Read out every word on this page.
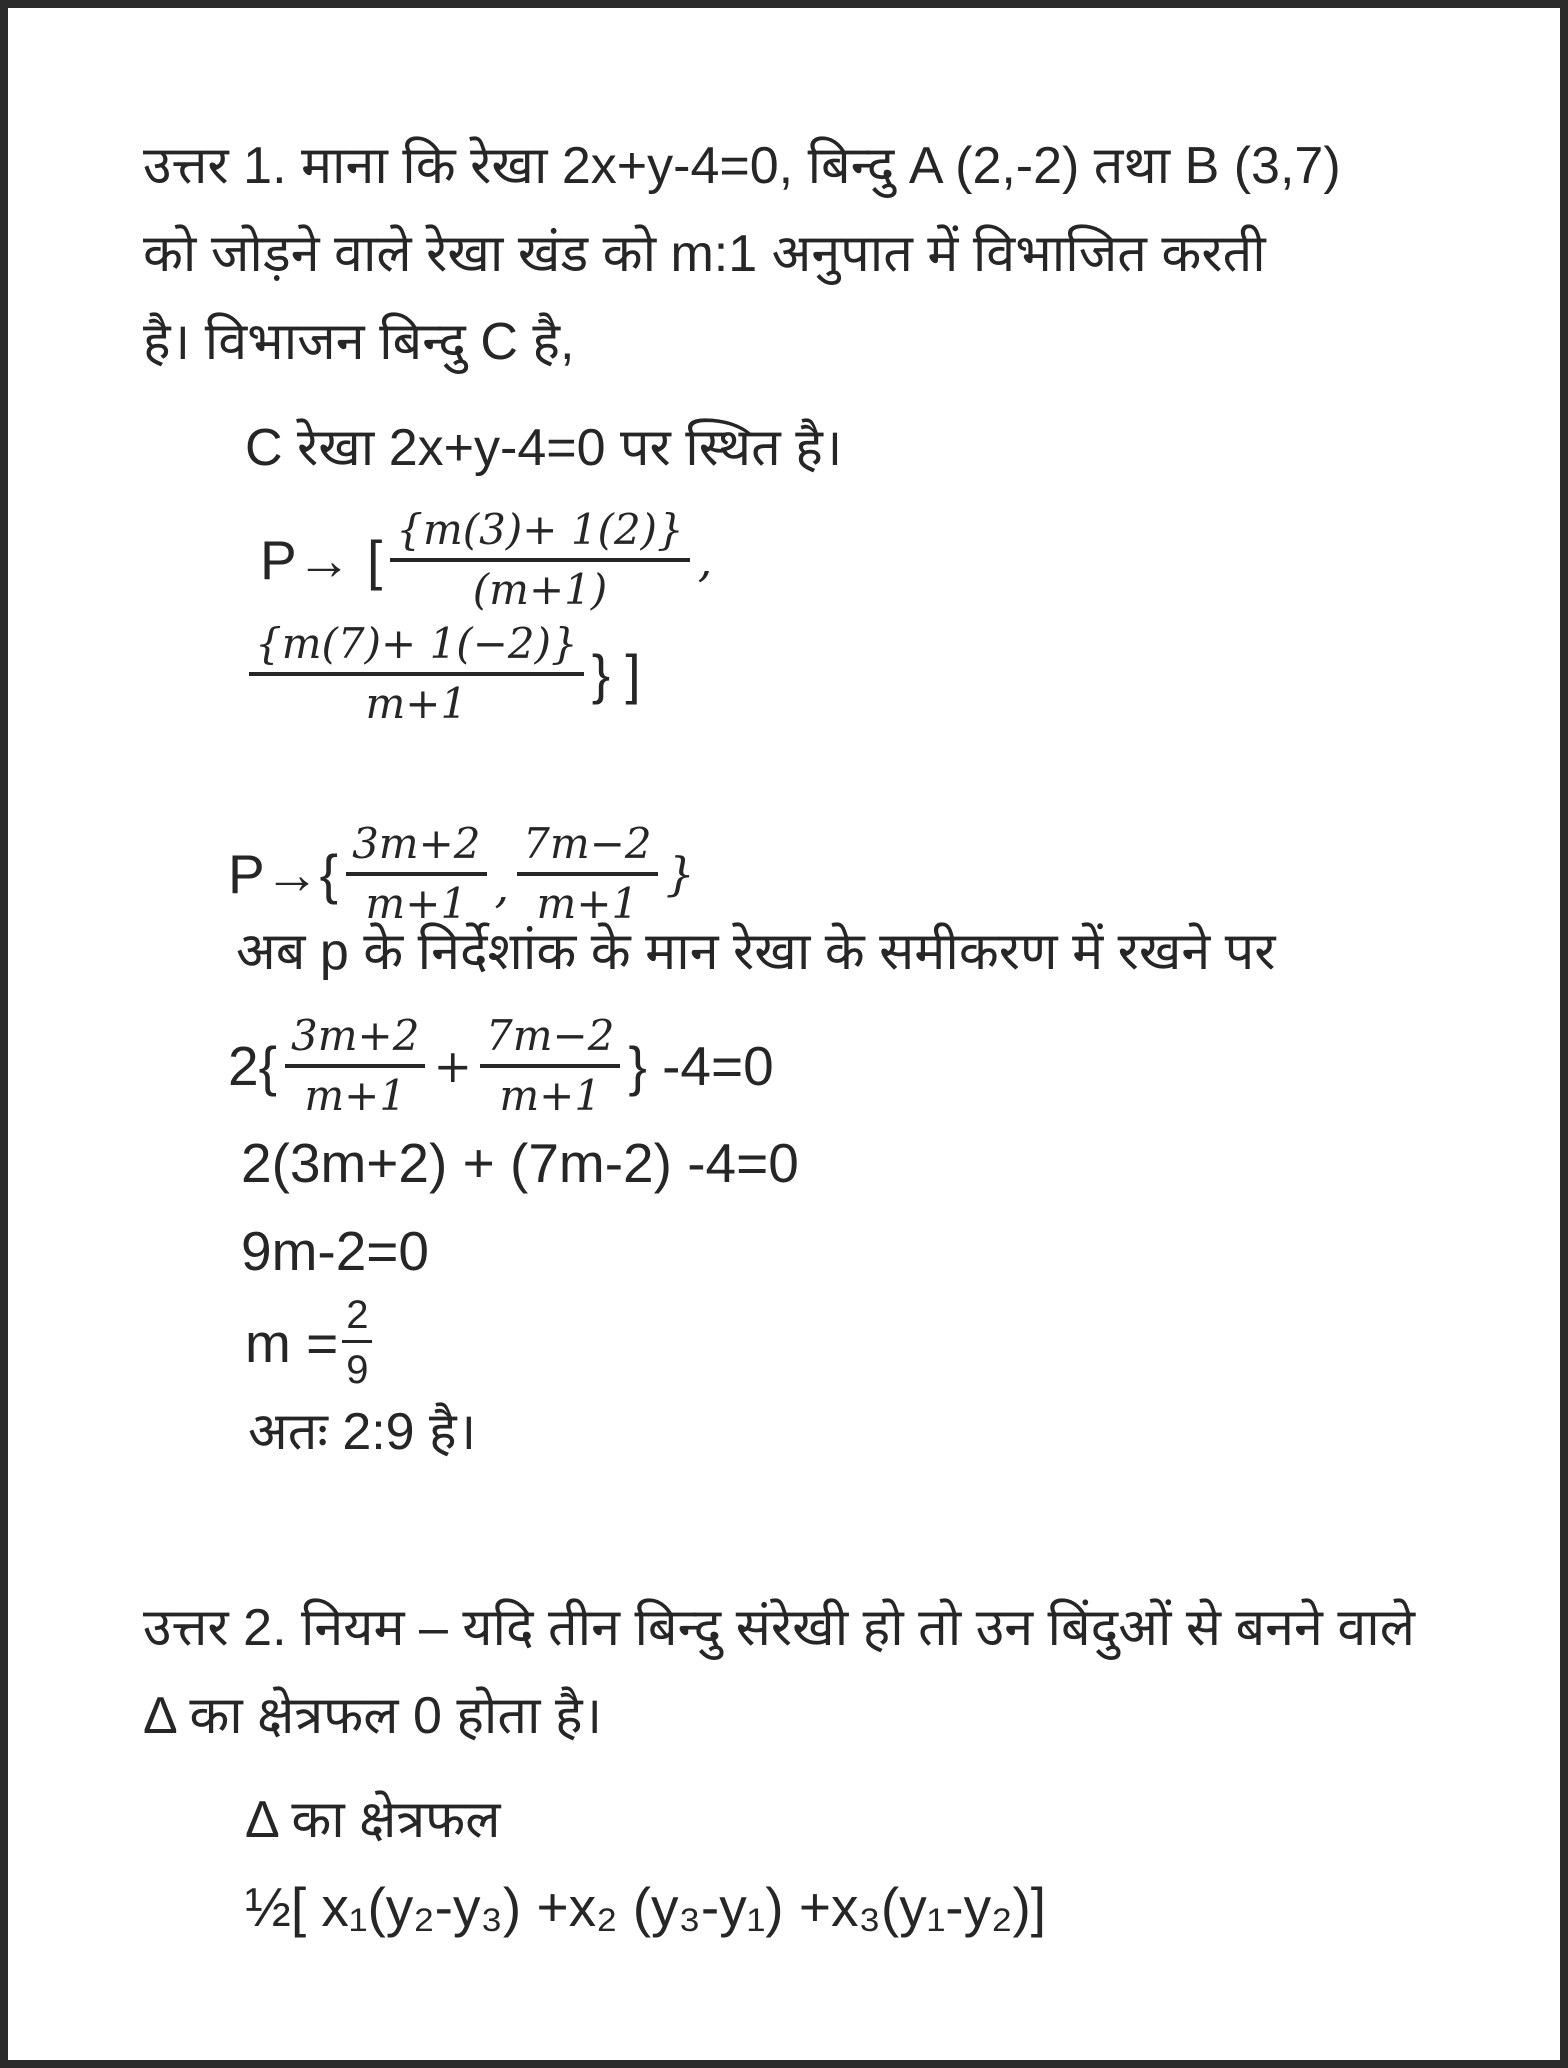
उत्तर 1. माना कि रेखा 2x+y-4=0, बिन्दु A (2,-2) तथा B (3,7)
को जोड़ने वाले रेखा खंड को m:1 अनुपात में विभाजित करती
है। विभाजन बिन्दु C है,
C रेखा 2x+y-4=0 पर स्थित है।
P→ [ $\frac{\{m(3)+ 1(2)\}}{(m+1)}$ ,
$\frac{\{m(7)+ 1(-2)\}}{m+1}$ } ]
$P\to\{ \frac{3m+2}{m+1}$ , $\frac{7m-2}{m+1}$ }
अब p के निर्देशांक के मान रेखा के समीकरण में रखने पर
$2\{ \frac{3m+2}{m+1} + \frac{7m-2}{m+1}$ } -4=0
2(3m+2) + (7m-2) -4=0
9m-2=0
$m = \frac{2}{9}$
अतः 2:9 है।
उत्तर 2. नियम – यदि तीन बिन्दु संरेखी हो तो उन बिंदुओं से बनने वाले
Δ का क्षेत्रफल 0 होता है।
Δ का क्षेत्रफल
½[ x₁(y₂-y₃) +x₂ (y₃-y₁) +x₃(y₁-y₂)]
